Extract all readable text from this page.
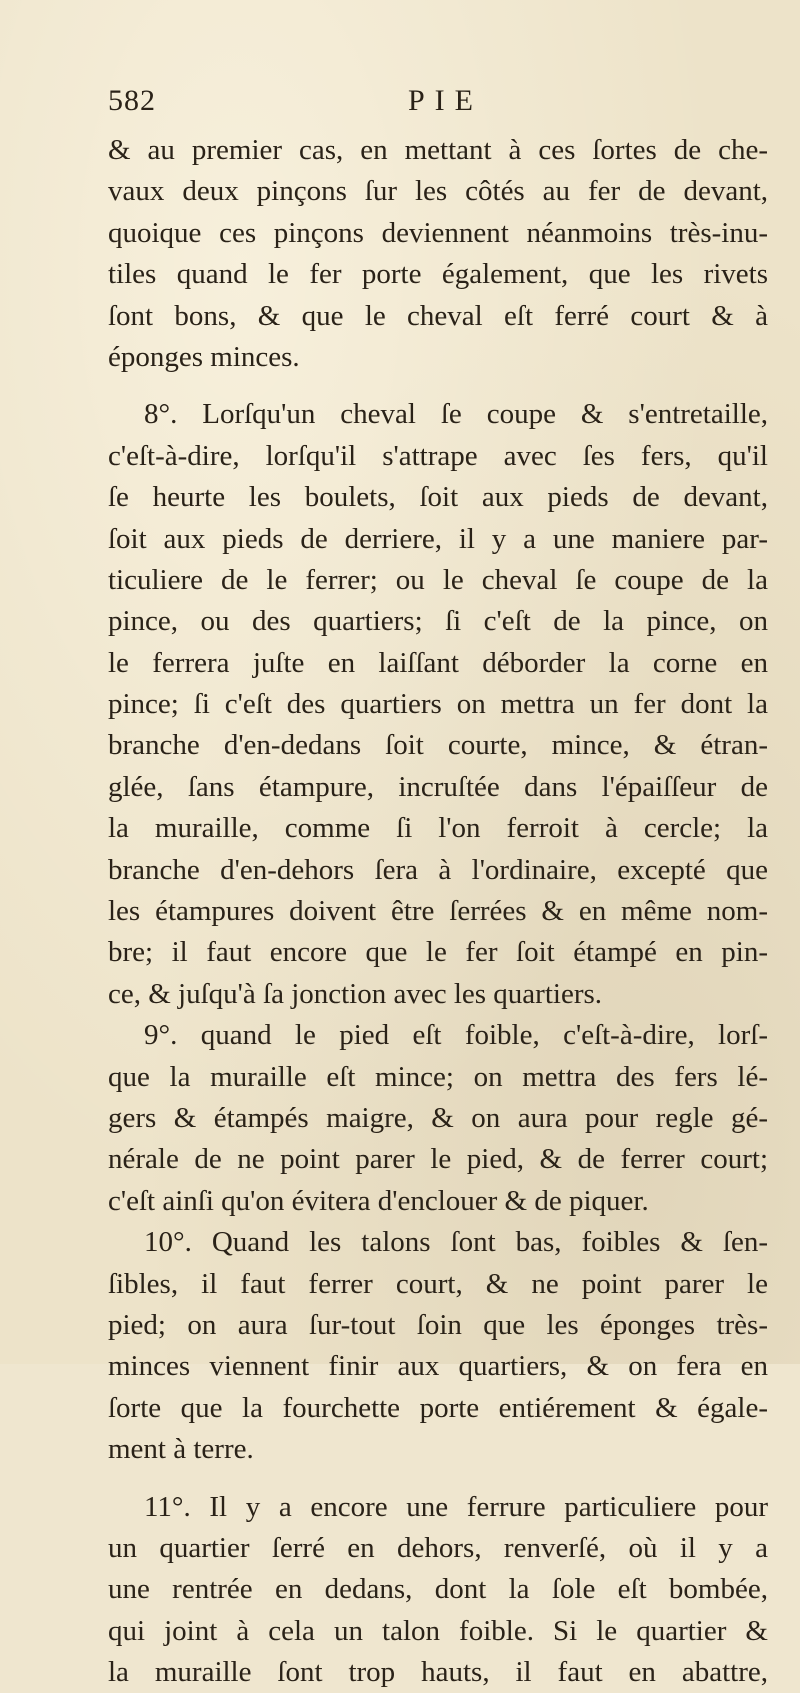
582	PIE
& au premier cas, en mettant à ces ſortes de che-
vaux deux pinçons ſur les côtés au fer de devant,
quoique ces pinçons deviennent néanmoins très-inu-
tiles quand le fer porte également, que les rivets
ſont bons, & que le cheval eſt ferré court & à
éponges minces.
8°. Lorſqu'un cheval ſe coupe & s'entretaille,
c'eſt-à-dire, lorſqu'il s'attrape avec ſes fers, qu'il
ſe heurte les boulets, ſoit aux pieds de devant,
ſoit aux pieds de derriere, il y a une maniere par-
ticuliere de le ferrer; ou le cheval ſe coupe de la
pince, ou des quartiers; ſi c'eſt de la pince, on
le ferrera juſte en laiſſant déborder la corne en
pince; ſi c'eſt des quartiers on mettra un fer dont la
branche d'en-dedans ſoit courte, mince, & étran-
glée, ſans étampure, incruſtée dans l'épaiſſeur de
la muraille, comme ſi l'on ferroit à cercle; la
branche d'en-dehors ſera à l'ordinaire, excepté que
les étampures doivent être ſerrées & en même nom-
bre; il faut encore que le fer ſoit étampé en pin-
ce, & juſqu'à ſa jonction avec les quartiers.
9°. quand le pied eſt foible, c'eſt-à-dire, lorſ-
que la muraille eſt mince; on mettra des fers lé-
gers & étampés maigre, & on aura pour regle gé-
nérale de ne point parer le pied, & de ferrer court;
c'eſt ainſi qu'on évitera d'enclouer & de piquer.
10°. Quand les talons ſont bas, foibles & ſen-
ſibles, il faut ferrer court, & ne point parer le
pied; on aura ſur-tout ſoin que les éponges très-
minces viennent finir aux quartiers, & on fera en
ſorte que la fourchette porte entiérement & égale-
ment à terre.
11°. Il y a encore une ferrure particuliere pour
un quartier ſerré en dehors, renverſé, où il y a
une rentrée en dedans, dont la ſole eſt bombée,
qui joint à cela un talon foible. Si le quartier &
la muraille ſont trop hauts, il faut en abattre,
